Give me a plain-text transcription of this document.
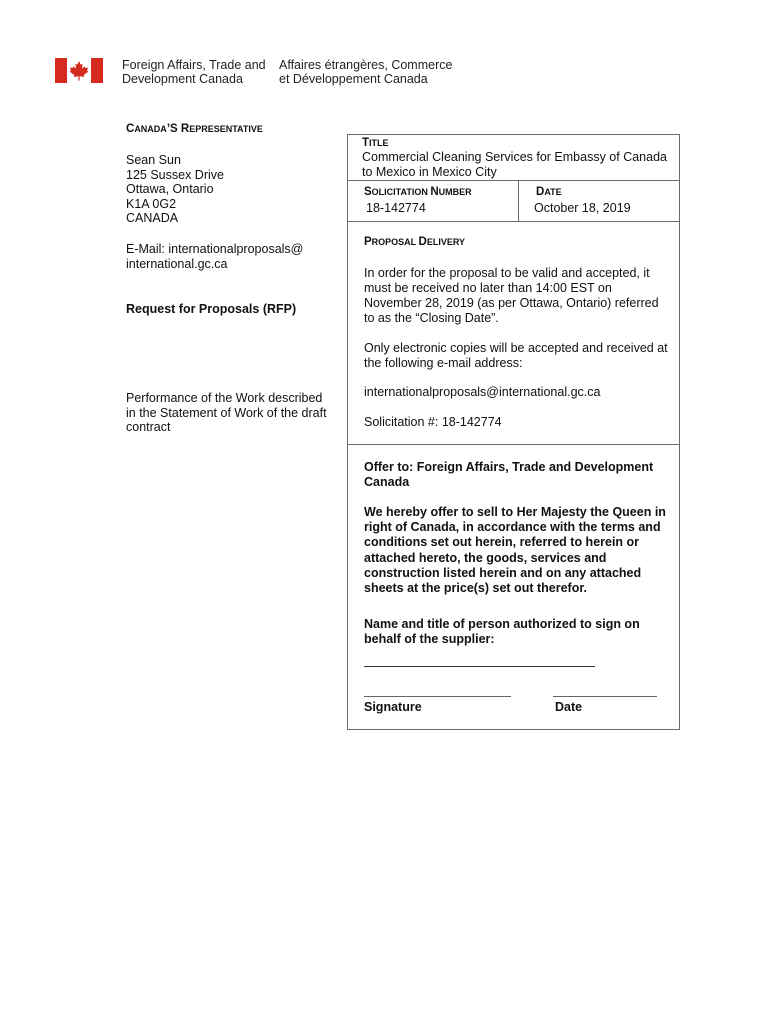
Foreign Affairs, Trade and
Development Canada
Affaires étrangères, Commerce
et Développement Canada
CANADA’S REPRESENTATIVE
Sean Sun
125 Sussex Drive
Ottawa, Ontario
K1A 0G2
CANADA
E-Mail: internationalproposals@
international.gc.ca
Request for Proposals (RFP)
Performance of the Work described
in the Statement of Work of the draft
contract
TITLE
Commercial Cleaning Services for Embassy of Canada
to Mexico in Mexico City
SOLICITATION NUMBER
18-142774
DATE
October 18, 2019
PROPOSAL DELIVERY
In order for the proposal to be valid and accepted, it
must be received no later than 14:00 EST on
November 28, 2019 (as per Ottawa, Ontario) referred
to as the “Closing Date”.
Only electronic copies will be accepted and received at
the following e-mail address:
internationalproposals@international.gc.ca
Solicitation #: 18-142774
Offer to: Foreign Affairs, Trade and Development
Canada
We hereby offer to sell to Her Majesty the Queen in
right of Canada, in accordance with the terms and
conditions set out herein, referred to herein or
attached hereto, the goods, services and
construction listed herein and on any attached
sheets at the price(s) set out therefor.
Name and title of person authorized to sign on
behalf of the supplier:
Signature	Date
